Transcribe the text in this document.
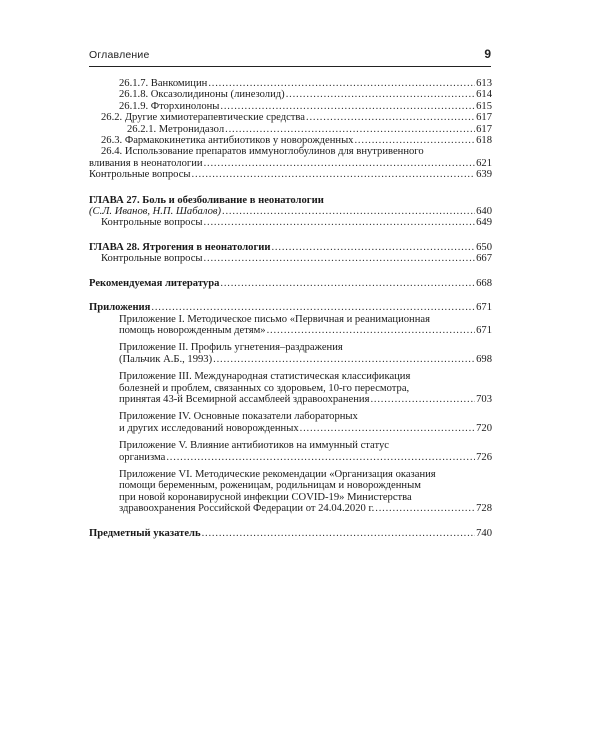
Оглавление	9
26.1.7. Ванкомицин .....	613
26.1.8. Оксазолидиноны (линезолид) .....	614
26.1.9. Фторхинолоны .....	615
26.2. Другие химиотерапевтические средства .....	617
26.2.1. Метронидазол .....	617
26.3. Фармакокинетика антибиотиков у новорожденных .....	618
26.4. Использование препаратов иммуноглобулинов для внутривенного
вливания в неонатологии .....	621
Контрольные вопросы .....	639
ГЛАВА 27. Боль и обезболивание в неонатологии
(С.Л. Иванов, Н.П. Шабалов) .....	640
Контрольные вопросы .....	649
ГЛАВА 28. Ятрогения в неонатологии .....	650
Контрольные вопросы .....	667
Рекомендуемая литература .....	668
Приложения .....	671
Приложение I. Методическое письмо «Первичная и реанимационная
помощь новорожденным детям» .....	671
Приложение II. Профиль угнетения–раздражения
(Пальчик А.Б., 1993) .....	698
Приложение III. Международная статистическая классификация
болезней и проблем, связанных со здоровьем, 10-го пересмотра,
принятая 43-й Всемирной ассамблеей здравоохранения .....	703
Приложение IV. Основные показатели лабораторных
и других исследований новорожденных .....	720
Приложение V. Влияние антибиотиков на иммунный статус
организма .....	726
Приложение VI. Методические рекомендации «Организация оказания
помощи беременным, роженицам, родильницам и новорожденным
при новой коронавирусной инфекции COVID-19» Министерства
здравоохранения Российской Федерации от 24.04.2020 г. .....	728
Предметный указатель .....	740
